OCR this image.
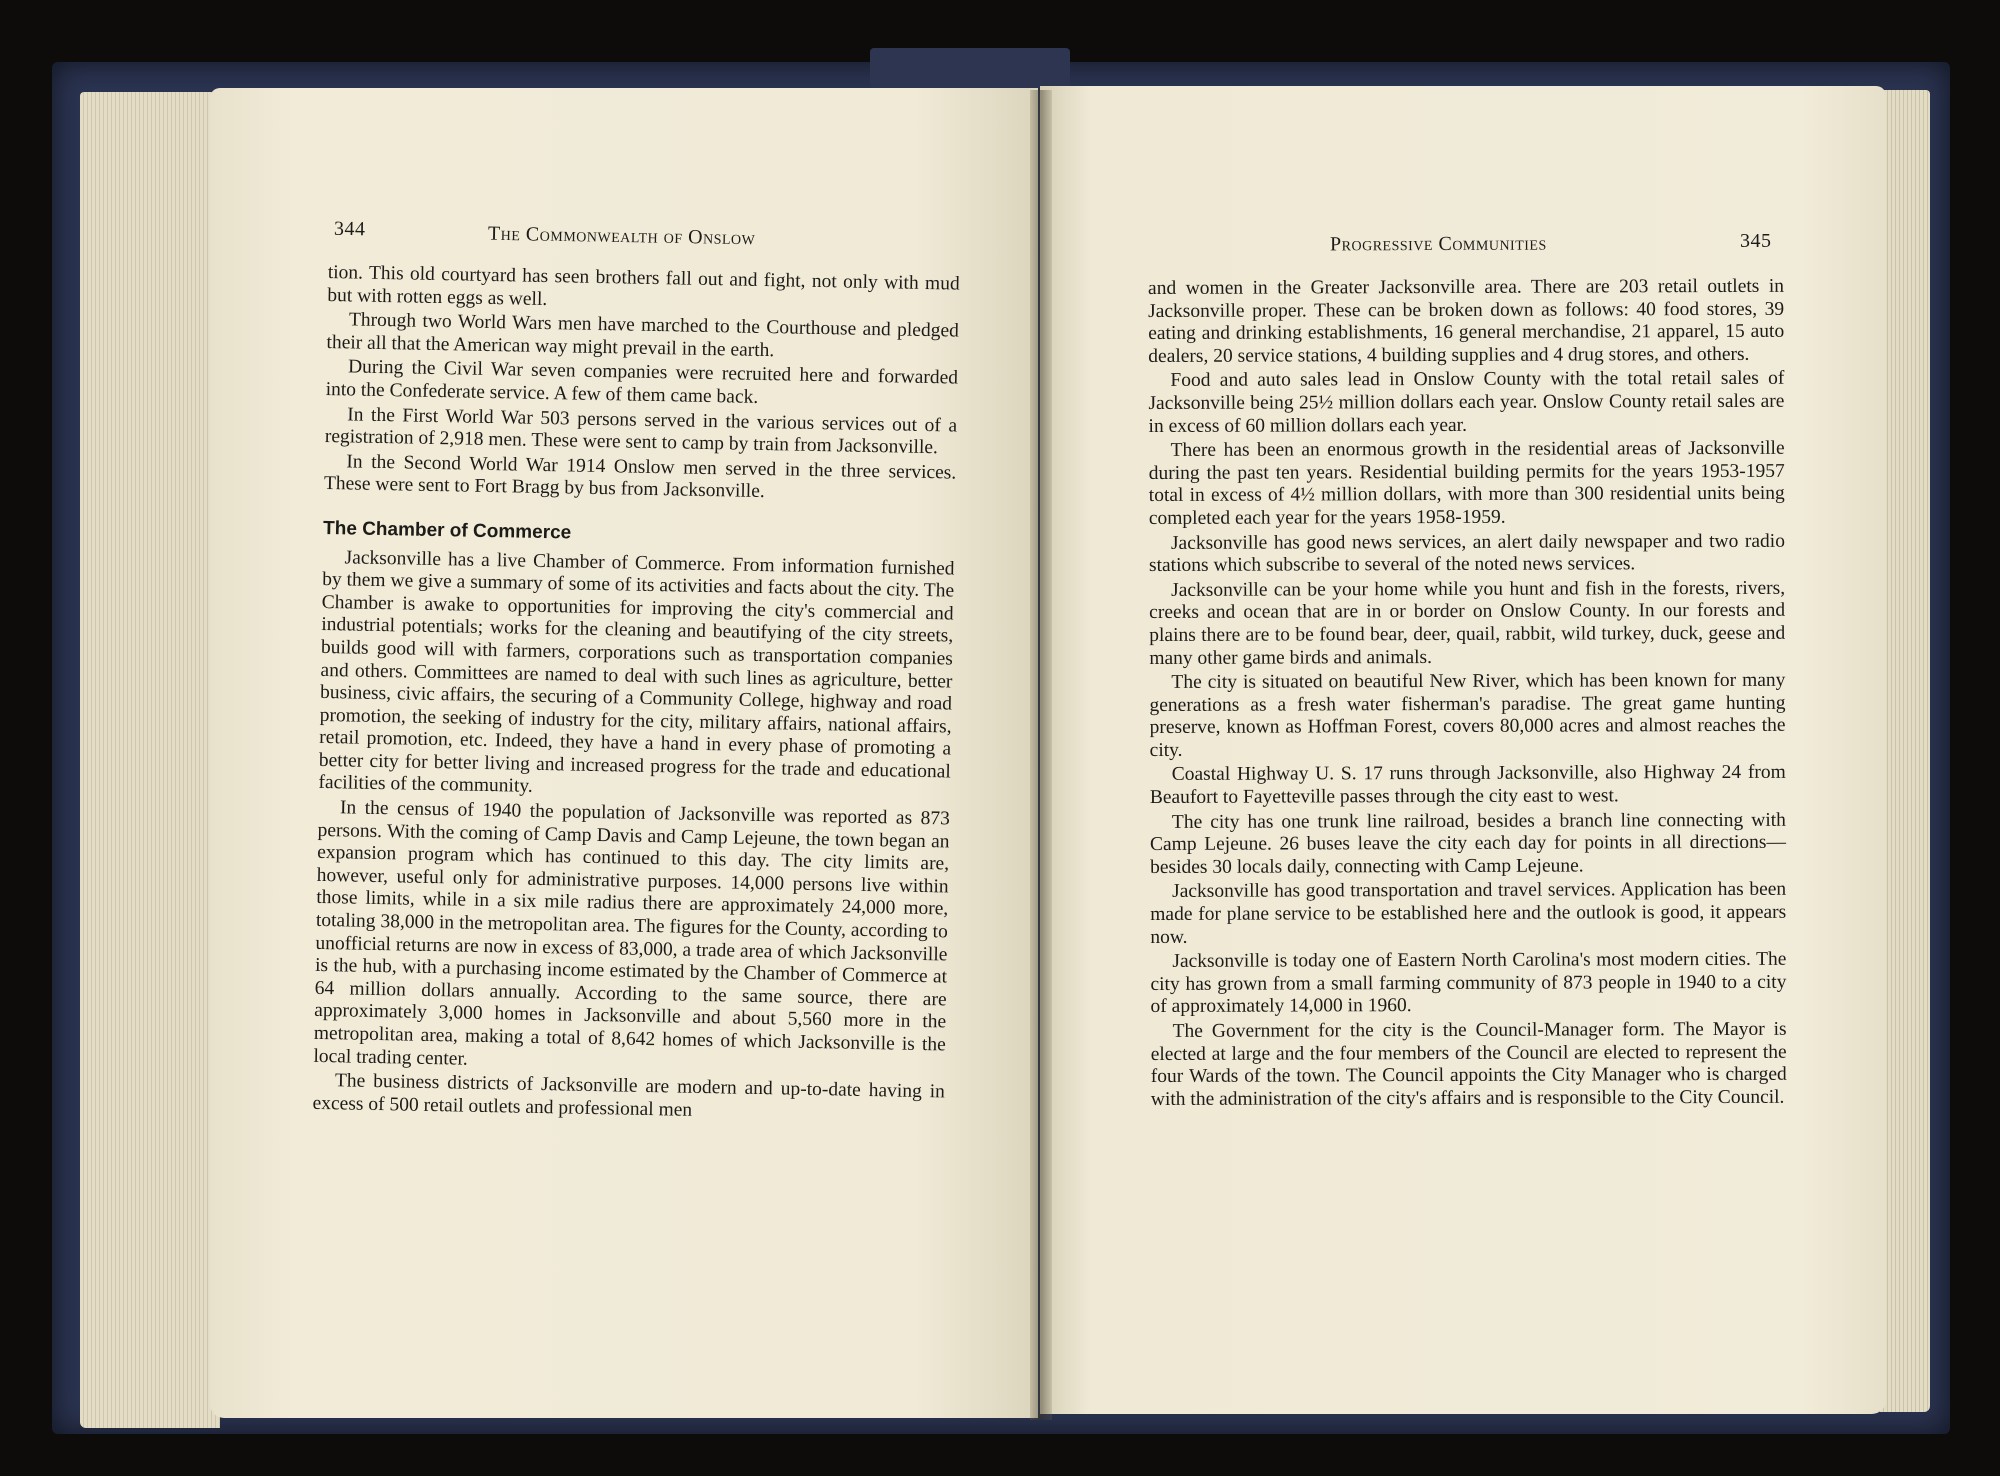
344	The Commonwealth of Onslow	Progressive Communities	345

tion. This old courtyard has seen brothers fall out and fight, not only with mud but with rotten eggs as well.

Through two World Wars men have marched to the Courthouse and pledged their all that the American way might prevail in the earth.

During the Civil War seven companies were recruited here and forwarded into the Confederate service. A few of them came back.

In the First World War 503 persons served in the various services out of a registration of 2,918 men. These were sent to camp by train from Jacksonville.

In the Second World War 1914 Onslow men served in the three services. These were sent to Fort Bragg by bus from Jacksonville.

The Chamber of Commerce

Jacksonville has a live Chamber of Commerce. From information furnished by them we give a summary of some of its activities and facts about the city. The Chamber is awake to opportunities for improving the city's commercial and industrial potentials; works for the cleaning and beautifying of the city streets, builds good will with farmers, corporations such as transportation companies and others. Committees are named to deal with such lines as agriculture, better business, civic affairs, the securing of a Community College, highway and road promotion, the seeking of industry for the city, military affairs, national affairs, retail promotion, etc. Indeed, they have a hand in every phase of promoting a better city for better living and increased progress for the trade and educational facilities of the community.

In the census of 1940 the population of Jacksonville was reported as 873 persons. With the coming of Camp Davis and Camp Lejeune, the town began an expansion program which has continued to this day. The city limits are, however, useful only for administrative purposes. 14,000 persons live within those limits, while in a six mile radius there are approximately 24,000 more, totaling 38,000 in the metropolitan area. The figures for the County, according to unofficial returns are now in excess of 83,000, a trade area of which Jacksonville is the hub, with a purchasing income estimated by the Chamber of Commerce at 64 million dollars annually. According to the same source, there are approximately 3,000 homes in Jacksonville and about 5,560 more in the metropolitan area, making a total of 8,642 homes of which Jacksonville is the local trading center.

The business districts of Jacksonville are modern and up-to-date having in excess of 500 retail outlets and professional men

and women in the Greater Jacksonville area. There are 203 retail outlets in Jacksonville proper. These can be broken down as follows: 40 food stores, 39 eating and drinking establishments, 16 general merchandise, 21 apparel, 15 auto dealers, 20 service stations, 4 building supplies and 4 drug stores, and others.

Food and auto sales lead in Onslow County with the total retail sales of Jacksonville being 25½ million dollars each year. Onslow County retail sales are in excess of 60 million dollars each year.

There has been an enormous growth in the residential areas of Jacksonville during the past ten years. Residential building permits for the years 1953-1957 total in excess of 4½ million dollars, with more than 300 residential units being completed each year for the years 1958-1959.

Jacksonville has good news services, an alert daily newspaper and two radio stations which subscribe to several of the noted news services.

Jacksonville can be your home while you hunt and fish in the forests, rivers, creeks and ocean that are in or border on Onslow County. In our forests and plains there are to be found bear, deer, quail, rabbit, wild turkey, duck, geese and many other game birds and animals.

The city is situated on beautiful New River, which has been known for many generations as a fresh water fisherman's paradise. The great game hunting preserve, known as Hoffman Forest, covers 80,000 acres and almost reaches the city.

Coastal Highway U. S. 17 runs through Jacksonville, also Highway 24 from Beaufort to Fayetteville passes through the city east to west.

The city has one trunk line railroad, besides a branch line connecting with Camp Lejeune. 26 buses leave the city each day for points in all directions—besides 30 locals daily, connecting with Camp Lejeune.

Jacksonville has good transportation and travel services. Application has been made for plane service to be established here and the outlook is good, it appears now.

Jacksonville is today one of Eastern North Carolina's most modern cities. The city has grown from a small farming community of 873 people in 1940 to a city of approximately 14,000 in 1960.

The Government for the city is the Council-Manager form. The Mayor is elected at large and the four members of the Council are elected to represent the four Wards of the town. The Council appoints the City Manager who is charged with the administration of the city's affairs and is responsible to the City Council.
